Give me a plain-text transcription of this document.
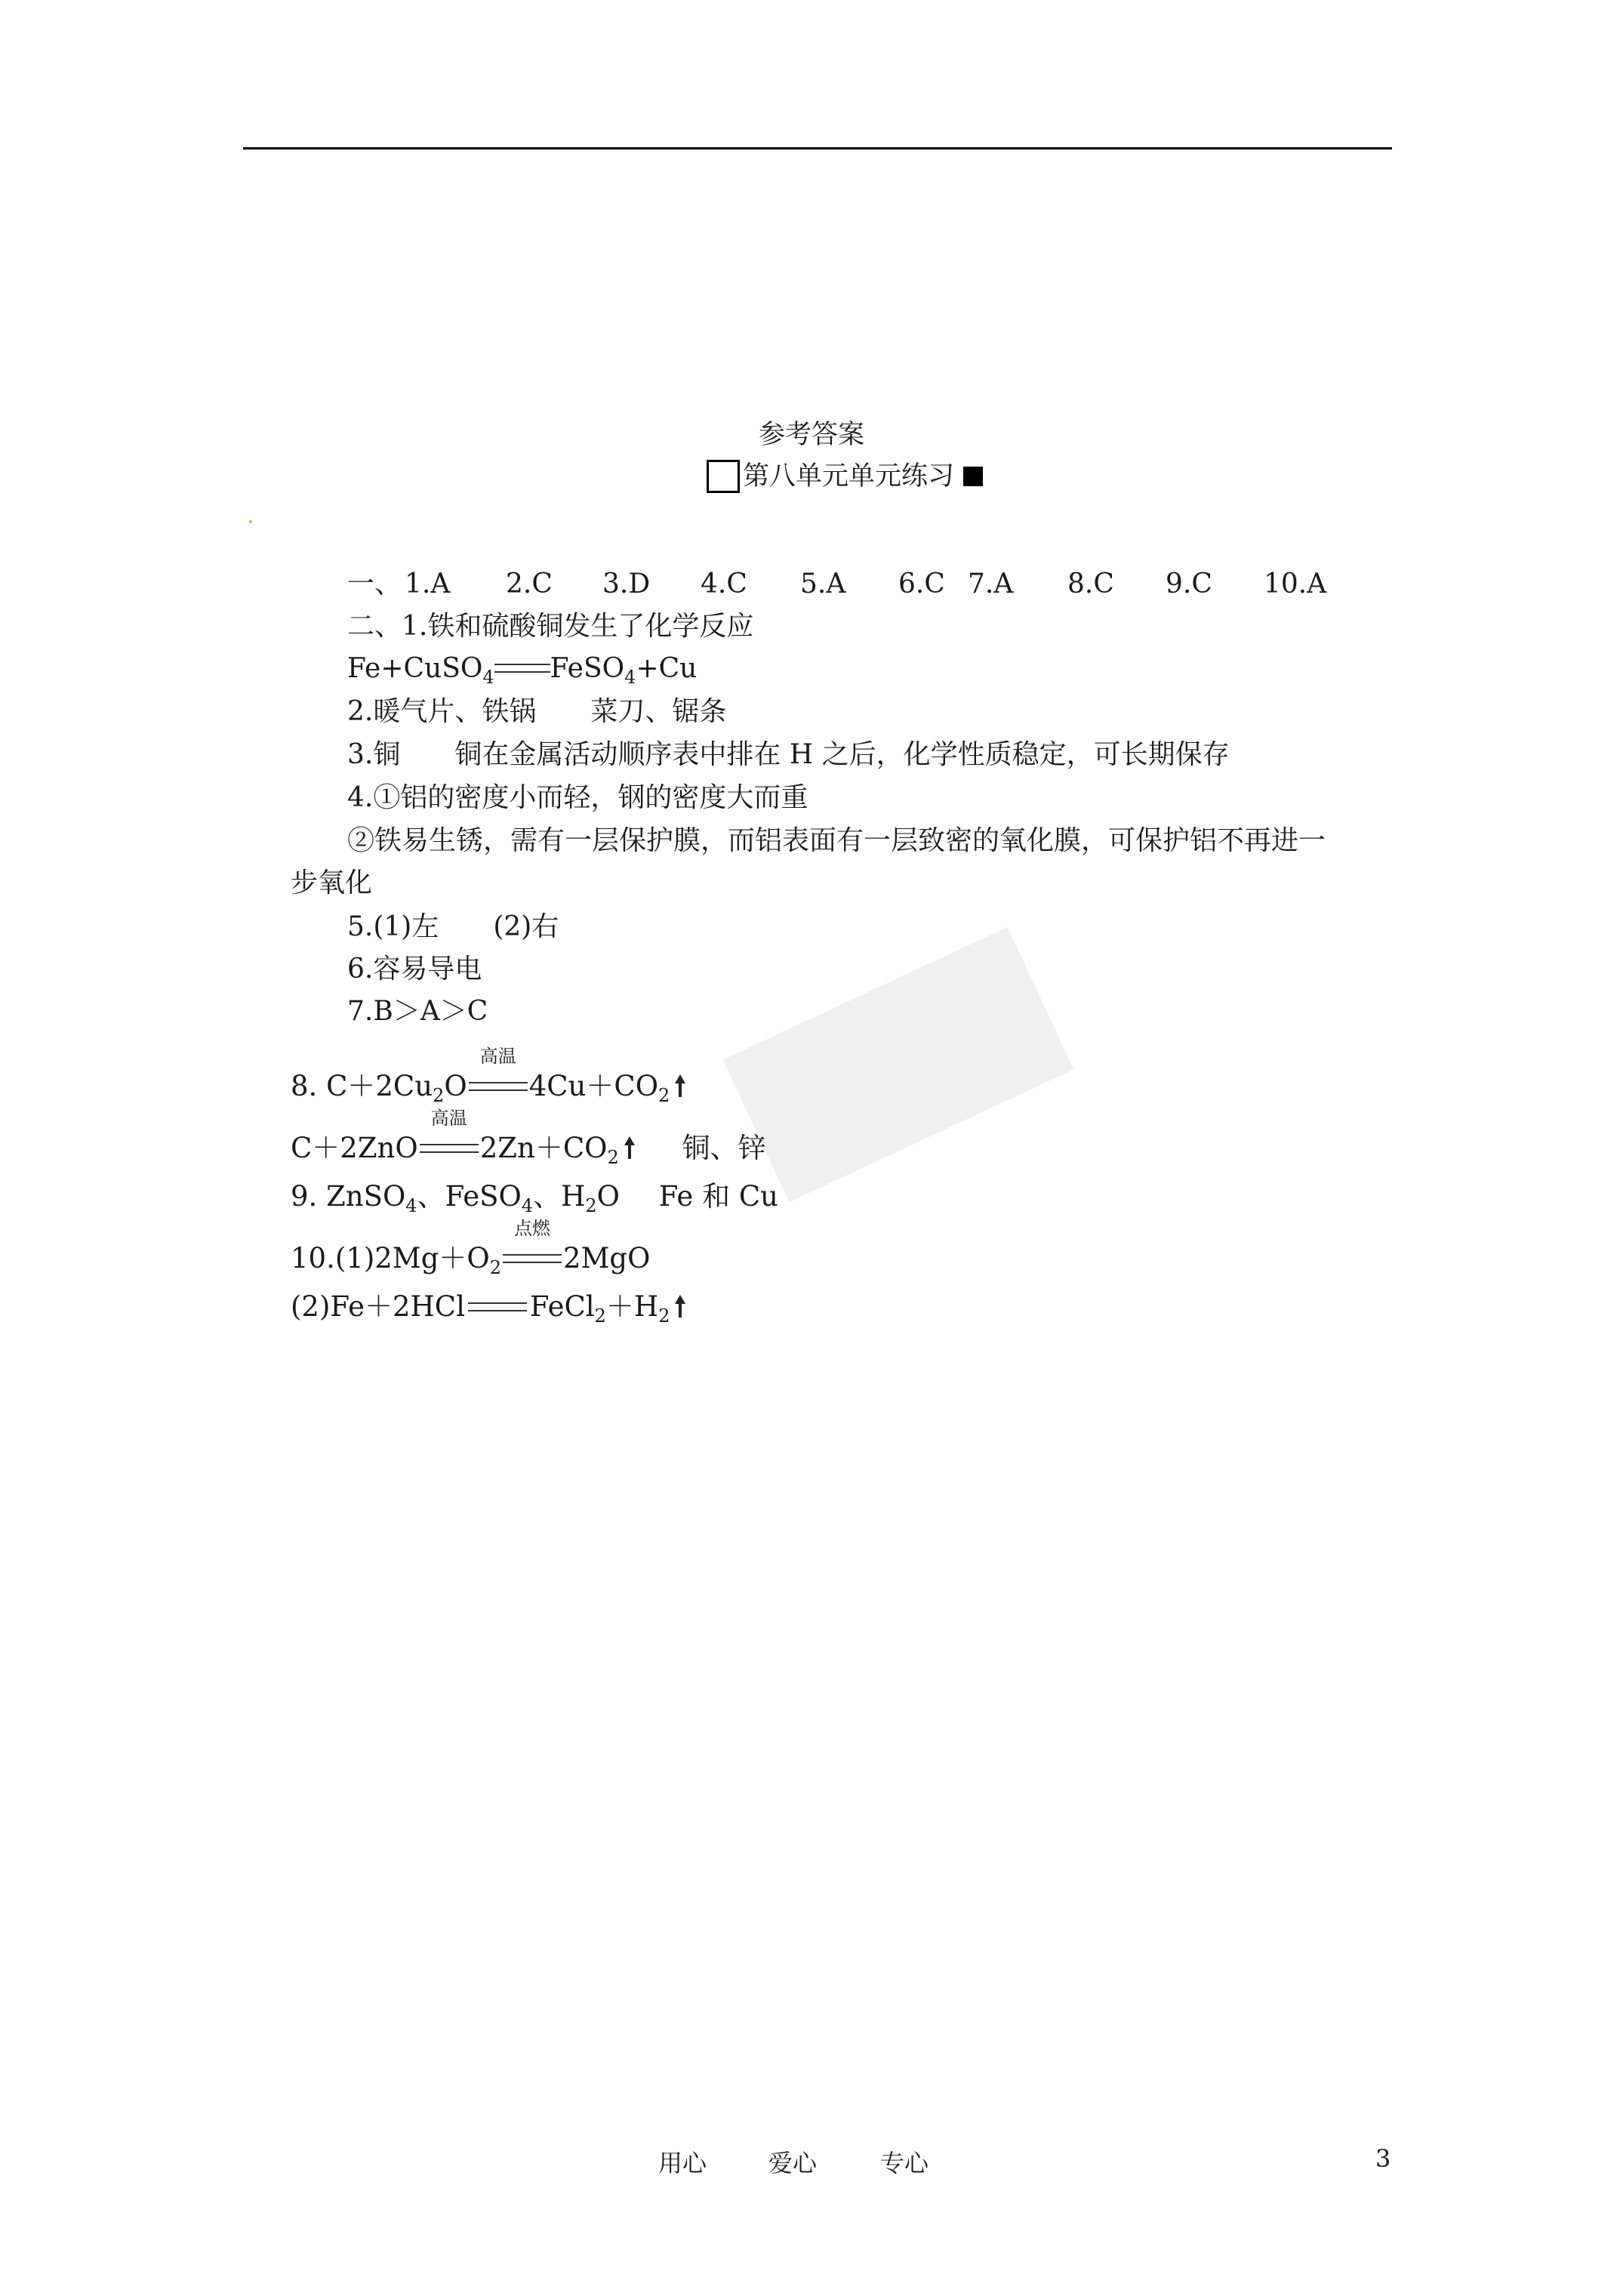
参考答案
第八单元单元练习
一、 1.A 2.C 3.D 4.C 5.A 6.C 7.A 8.C 9.C 10.A
二、1.铁和硫酸铜发生了化学反应
Fe+CuSO$_4$ FeSO$_4$+Cu
2.暖气片、铁锅　　菜刀、锯条
3.铜　　铜在金属活动顺序表中排在 H 之后，化学性质稳定，可长期保存
4.①铝的密度小而轻，钢的密度大而重
②铁易生锈，需有一层保护膜，而铝表面有一层致密的氧化膜，可保护铝不再进一
步氧化
5.(1)左　　(2)右
6.容易导电
7.B＞A＞C
8. $C+2Cu_2O$
高温
$4Cu+CO_2$
C＋2ZnO
高温
$2Zn+CO_2$ 铜、锌
9. ZnSO$_4$、FeSO$_4$、$H_2O$ Fe 和 Cu
$10.(1)2Mg+O_2$
点燃
2MgO
(2)Fe＋2HCl $FeCl_2+H_2$
用心	爱心	专心	3
